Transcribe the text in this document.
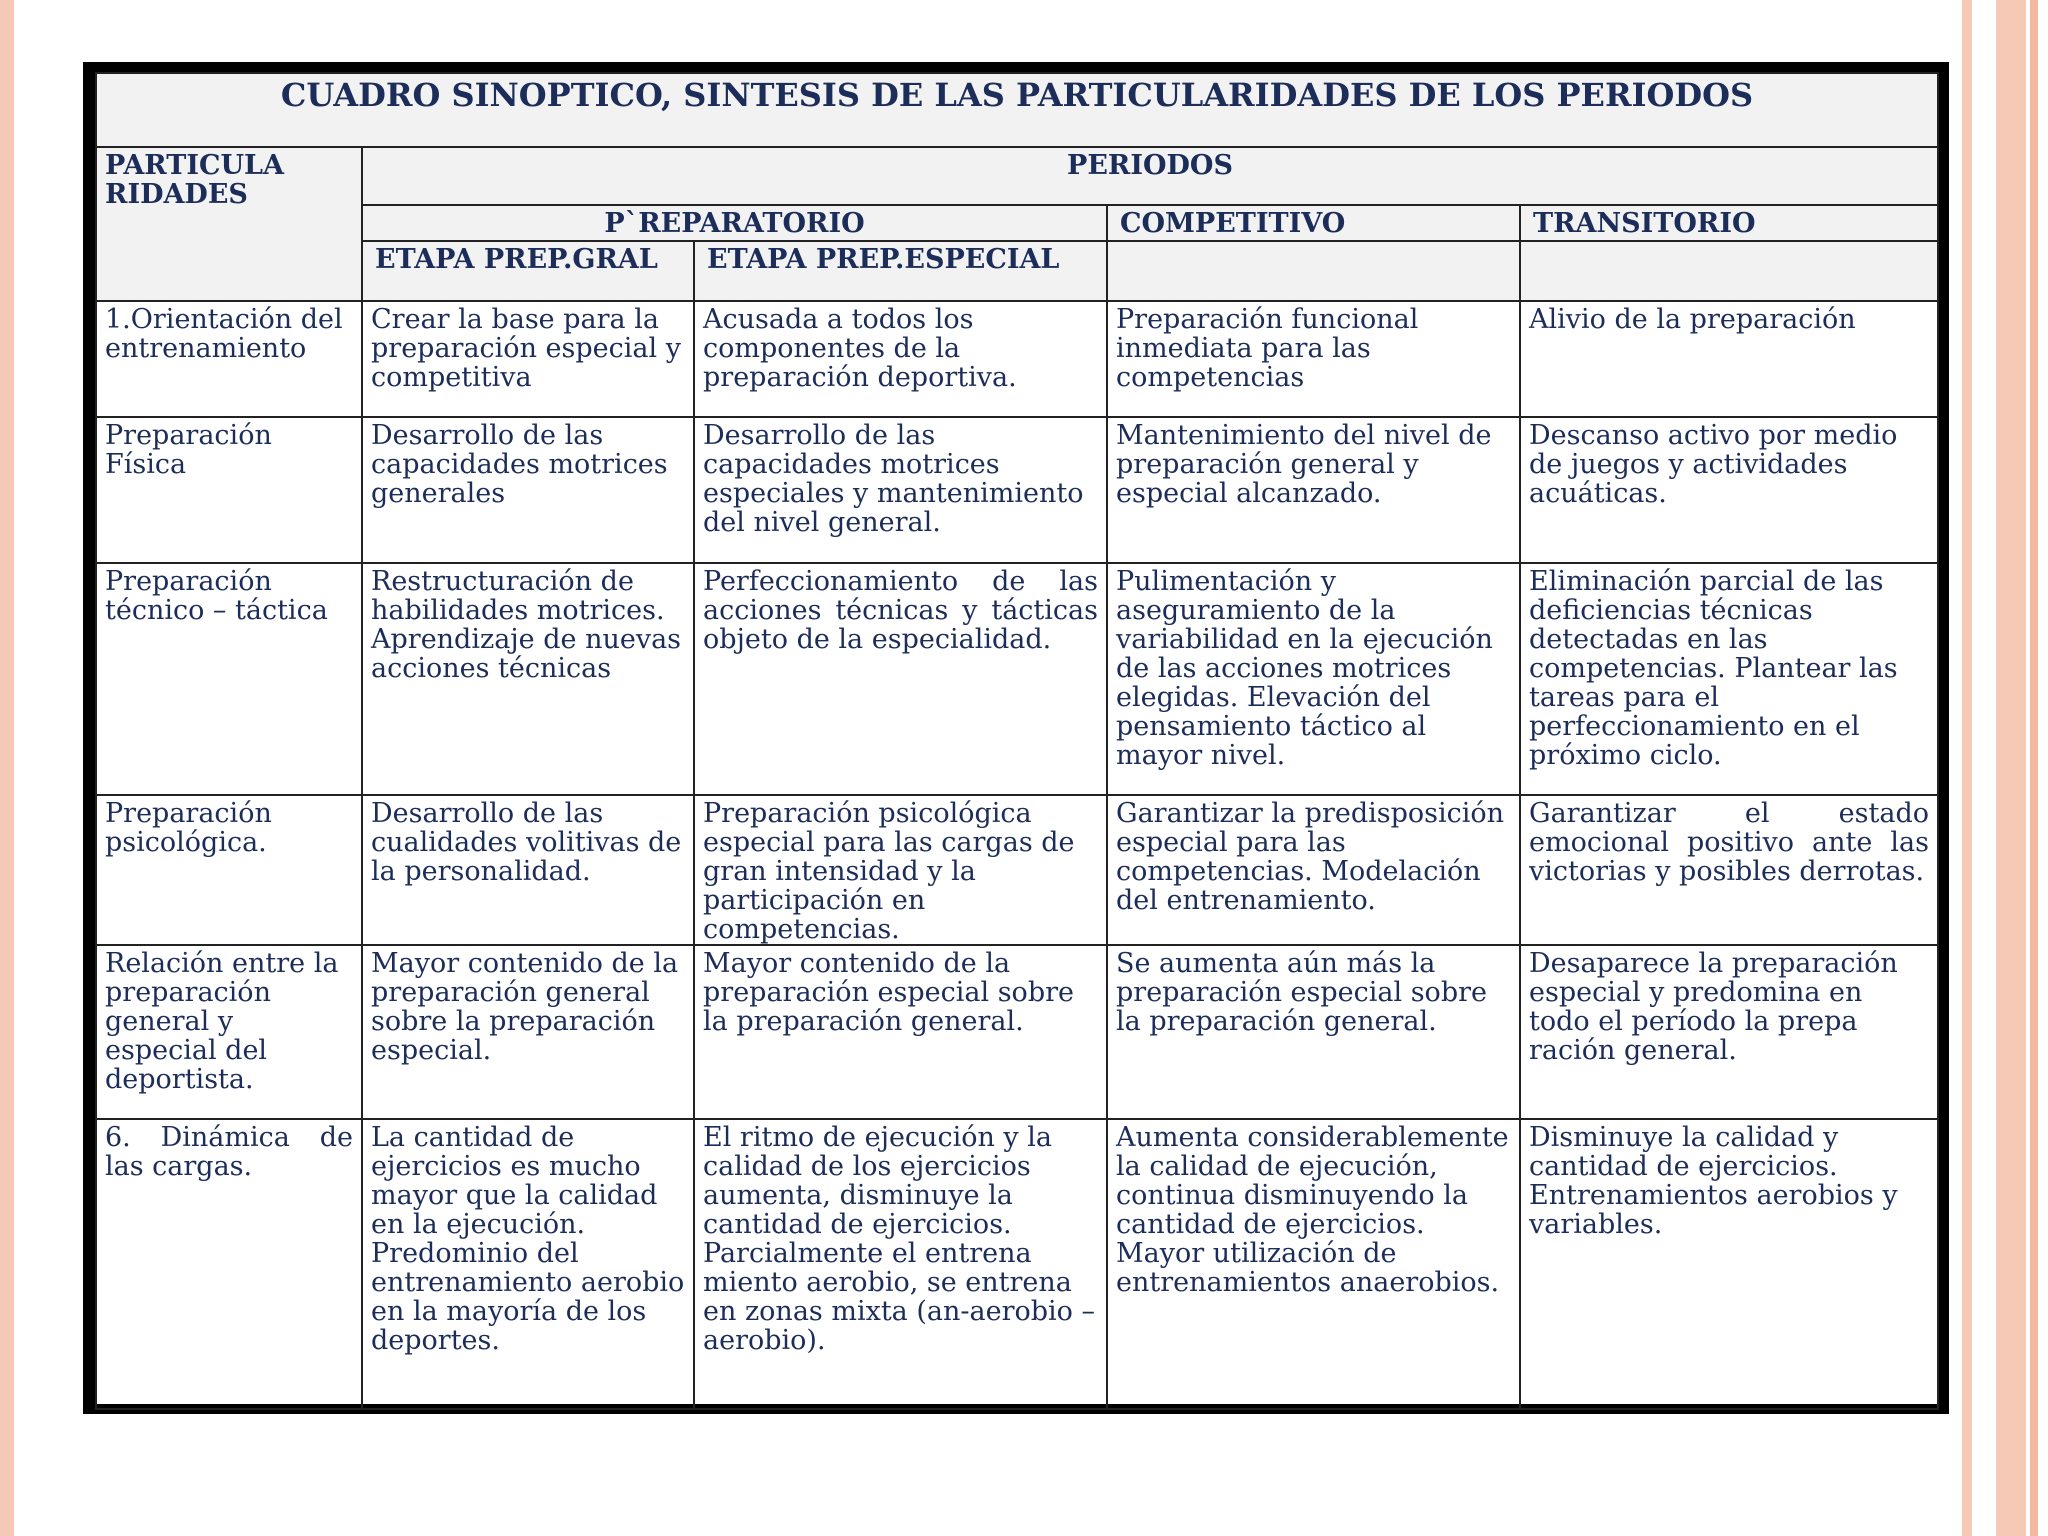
CUADRO SINOPTICO, SINTESIS DE LAS PARTICULARIDADES DE LOS PERIODOS				
PARTICULA RIDADES	PERIODOS			
	P`REPARATORIO		COMPETITIVO	TRANSITORIO
	ETAPA PREP.GRAL	ETAPA PREP.ESPECIAL		
1.Orientación del entrenamiento	Crear la base para la preparación especial y competitiva	Acusada a todos los componentes de la preparación deportiva.	Preparación funcional inmediata para las competencias	Alivio de la preparación
Preparación Física	Desarrollo de las capacidades motrices generales	Desarrollo de las capacidades motrices especiales y mantenimiento del nivel general.	Mantenimiento del nivel de preparación general y especial alcanzado.	Descanso activo por medio de juegos y actividades acuáticas.
Preparación técnico – táctica	Restructuración de habilidades motrices. Aprendizaje de nuevas acciones técnicas	Perfeccionamiento de las acciones técnicas y tácticas objeto de la especialidad.	Pulimentación y aseguramiento de la variabilidad en la ejecución de las acciones motrices elegidas. Elevación del pensamiento táctico al mayor nivel.	Eliminación parcial de las deficiencias técnicas detectadas en las competencias. Plantear las tareas para el perfeccionamiento en el próximo ciclo.
Preparación psicológica.	Desarrollo de las cualidades volitivas de la personalidad.	Preparación psicológica especial para las cargas de gran intensidad y la participación en competencias.	Garantizar la predisposición especial para las competencias. Modelación del entrenamiento.	Garantizar el estado emocional positivo ante las victorias y posibles derrotas.
Relación entre la preparación general y especial del deportista.	Mayor contenido de la preparación general sobre la preparación especial.	Mayor contenido de la preparación especial sobre la preparación general.	Se aumenta aún más la preparación especial sobre la preparación general.	Desaparece la preparación especial y predomina en todo el período la prepa ración general.
6. Dinámica de las cargas.	La cantidad de ejercicios es mucho mayor que la calidad en la ejecución. Predominio del entrenamiento aerobio en la mayoría de los deportes.	El ritmo de ejecución y la calidad de los ejercicios aumenta, disminuye la cantidad de ejercicios. Parcialmente el entrena miento aerobio, se entrena en zonas mixta (an-aerobio –aerobio).	Aumenta considerablemente la calidad de ejecución, continua disminuyendo la cantidad de ejercicios. Mayor utilización de entrenamientos anaerobios.	Disminuye la calidad y cantidad de ejercicios. Entrenamientos aerobios y variables.
